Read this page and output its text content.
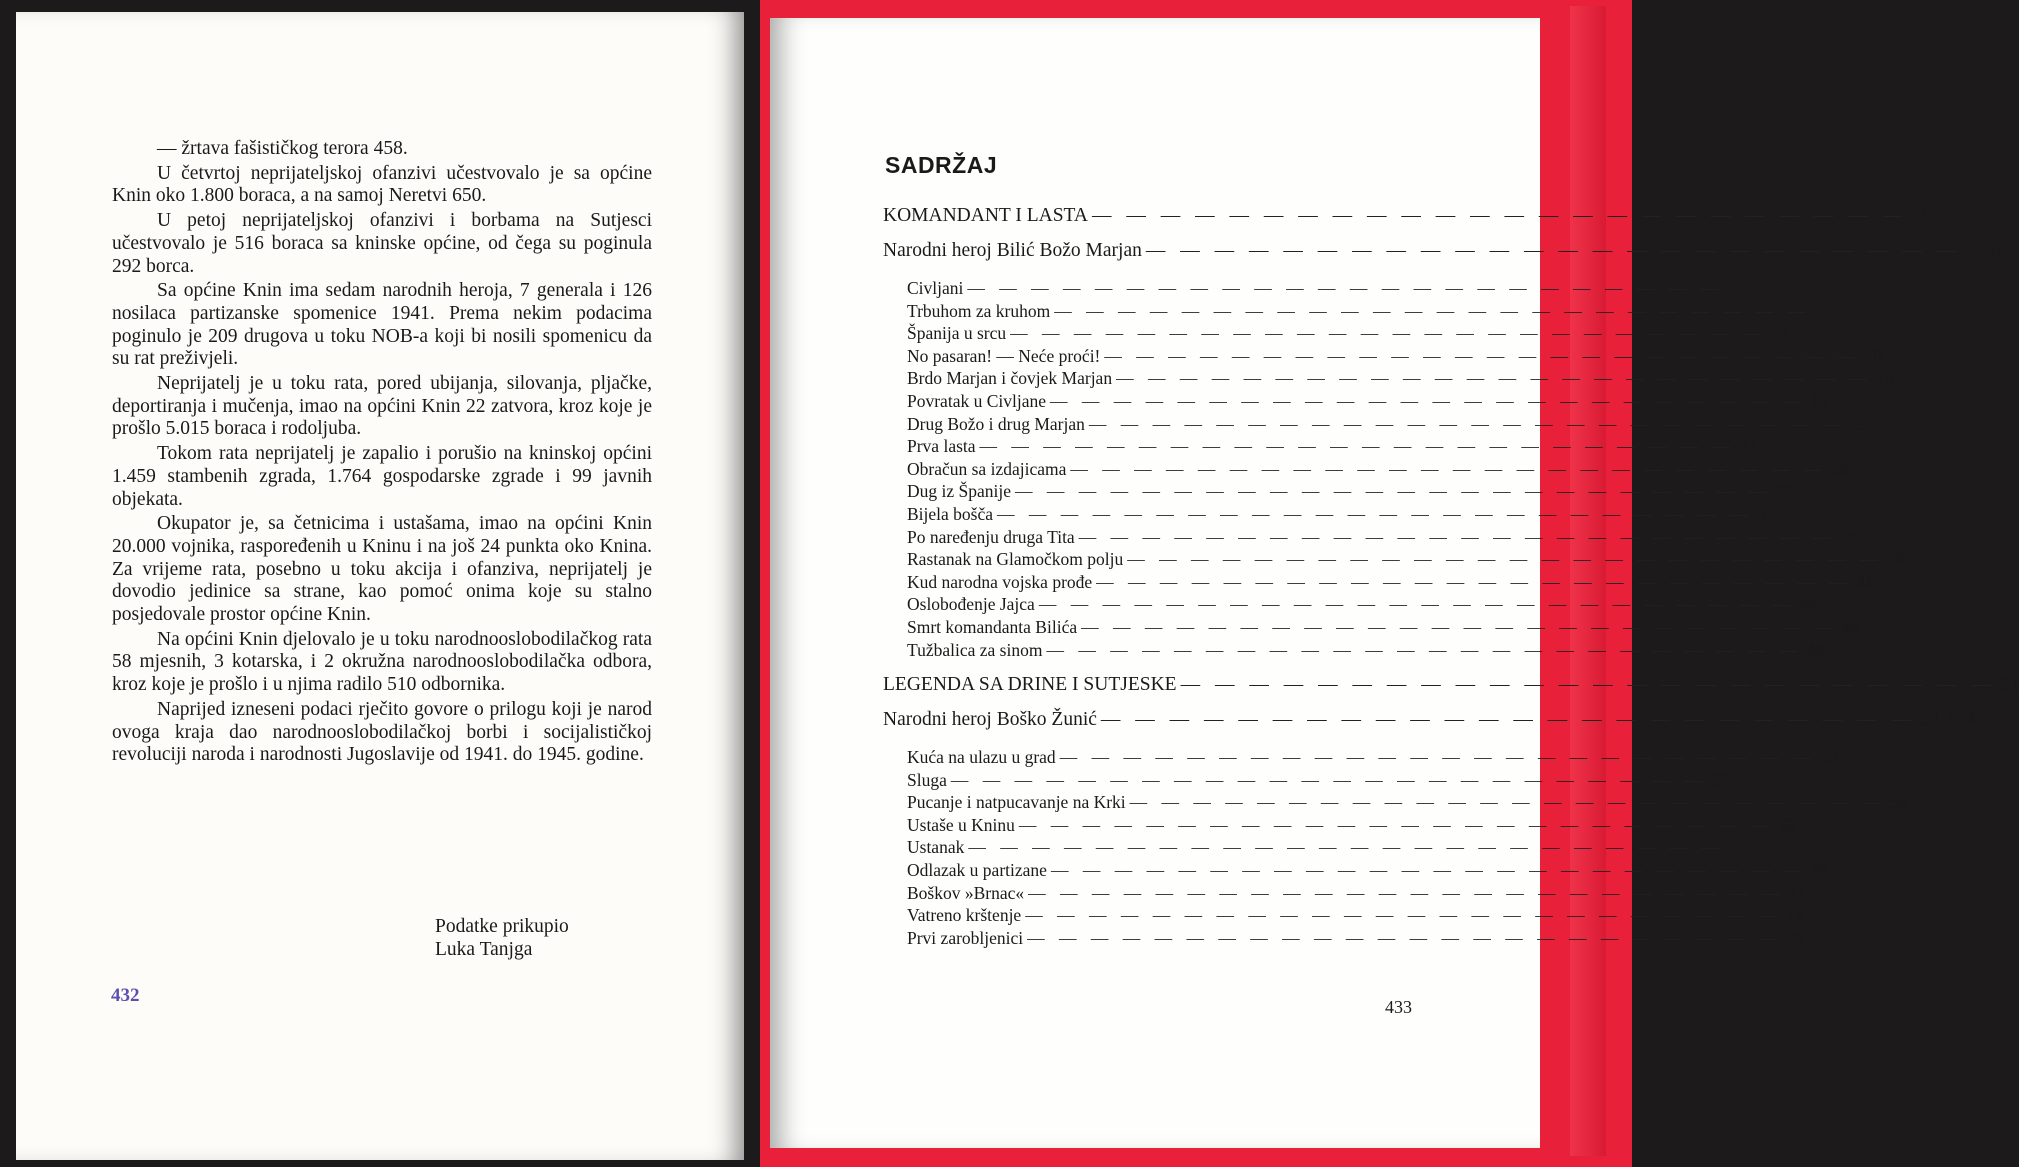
— žrtava fašističkog terora 458.

U četvrtoj neprijateljskoj ofanzivi učestvovalo je sa općine Knin oko 1.800 boraca, a na samoj Neretvi 650.

U petoj neprijateljskoj ofanzivi i borbama na Sutjesci učestvovalo je 516 boraca sa kninske općine, od čega su poginula 292 borca.

Sa općine Knin ima sedam narodnih heroja, 7 generala i 126 nosilaca partizanske spomenice 1941. Prema nekim podacima poginulo je 209 drugova u toku NOB-a koji bi nosili spomenicu da su rat preživjeli.

Neprijatelj je u toku rata, pored ubijanja, silovanja, pljačke, deportiranja i mučenja, imao na općini Knin 22 zatvora, kroz koje je prošlo 5.015 boraca i rodoljuba.

Tokom rata neprijatelj je zapalio i porušio na kninskoj općini 1.459 stambenih zgrada, 1.764 gospodarske zgrade i 99 javnih objekata.

Okupator je, sa četnicima i ustašama, imao na općini Knin 20.000 vojnika, raspoređenih u Kninu i na još 24 punkta oko Knina. Za vrijeme rata, posebno u toku akcija i ofanziva, neprijatelj je dovodio jedinice sa strane, kao pomoć onima koje su stalno posjedovale prostor općine Knin.

Na općini Knin djelovalo je u toku narodnooslobodilačkog rata 58 mjesnih, 3 kotarska, i 2 okružna narodnooslobodilačka odbora, kroz koje je prošlo i u njima radilo 510 odbornika.

Naprijed izneseni podaci rječito govore o prilogu koji je narod ovoga kraja dao narodnooslobodilačkoj borbi i socijalističkoj revoluciji naroda i narodnosti Jugoslavije od 1941. do 1945. godine.

Podatke prikupio
Luka Tanjga
432
SADRŽAJ
KOMANDANT I LASTA — — — — — — — — — — — — — — — — — — — — — — — — 1
Narodni heroj Bilić Božo Marjan — — — — — — — — — — — — — — — — — — — — — — — — 1-50
Civljani — — — — — — — — — — — — — — — — — — — — — — — — 3
Trbuhom za kruhom — — — — — — — — — — — — — — — — — — — — — — — — 5
Španija u srcu — — — — — — — — — — — — — — — — — — — — — — — — 8
No pasaran! — Neće proći! — — — — — — — — — — — — — — — — — — — — — — — — 10
Brdo Marjan i čovjek Marjan — — — — — — — — — — — — — — — — — — — — — — — — 13
Povratak u Civljane — — — — — — — — — — — — — — — — — — — — — — — — 15
Drug Božo i drug Marjan — — — — — — — — — — — — — — — — — — — — — — — — 19
Prva lasta — — — — — — — — — — — — — — — — — — — — — — — — 21
Obračun sa izdajicama — — — — — — — — — — — — — — — — — — — — — — — — 24
Dug iz Španije — — — — — — — — — — — — — — — — — — — — — — — — 27
Bijela bošča — — — — — — — — — — — — — — — — — — — — — — — — 31
Po naređenju druga Tita — — — — — — — — — — — — — — — — — — — — — — — — 34
Rastanak na Glamočkom polju — — — — — — — — — — — — — — — — — — — — — — — — 38
Kud narodna vojska prođe — — — — — — — — — — — — — — — — — — — — — — — — 41
Oslobođenje Jajca — — — — — — — — — — — — — — — — — — — — — — — — 44
Smrt komandanta Bilića — — — — — — — — — — — — — — — — — — — — — — — — 46
Tužbalica za sinom — — — — — — — — — — — — — — — — — — — — — — — — 49
LEGENDA SA DRINE I SUTJESKE — — — — — — — — — — — — — — — — — — — — — — — — 51
Narodni heroj Boško Žunić — — — — — — — — — — — — — — — — — — — — — — — — 53-124
Kuća na ulazu u grad — — — — — — — — — — — — — — — — — — — — — — — — 53
Sluga — — — — — — — — — — — — — — — — — — — — — — — — 57
Pucanje i natpucavanje na Krki — — — — — — — — — — — — — — — — — — — — — — — — 59
Ustaše u Kninu — — — — — — — — — — — — — — — — — — — — — — — — 62
Ustanak — — — — — — — — — — — — — — — — — — — — — — — — 66
Odlazak u partizane — — — — — — — — — — — — — — — — — — — — — — — — 69
Boškov »Brnac« — — — — — — — — — — — — — — — — — — — — — — — — 71
Vatreno krštenje — — — — — — — — — — — — — — — — — — — — — — — — 74
Prvi zarobljenici — — — — — — — — — — — — — — — — — — — — — — — — 78
433
